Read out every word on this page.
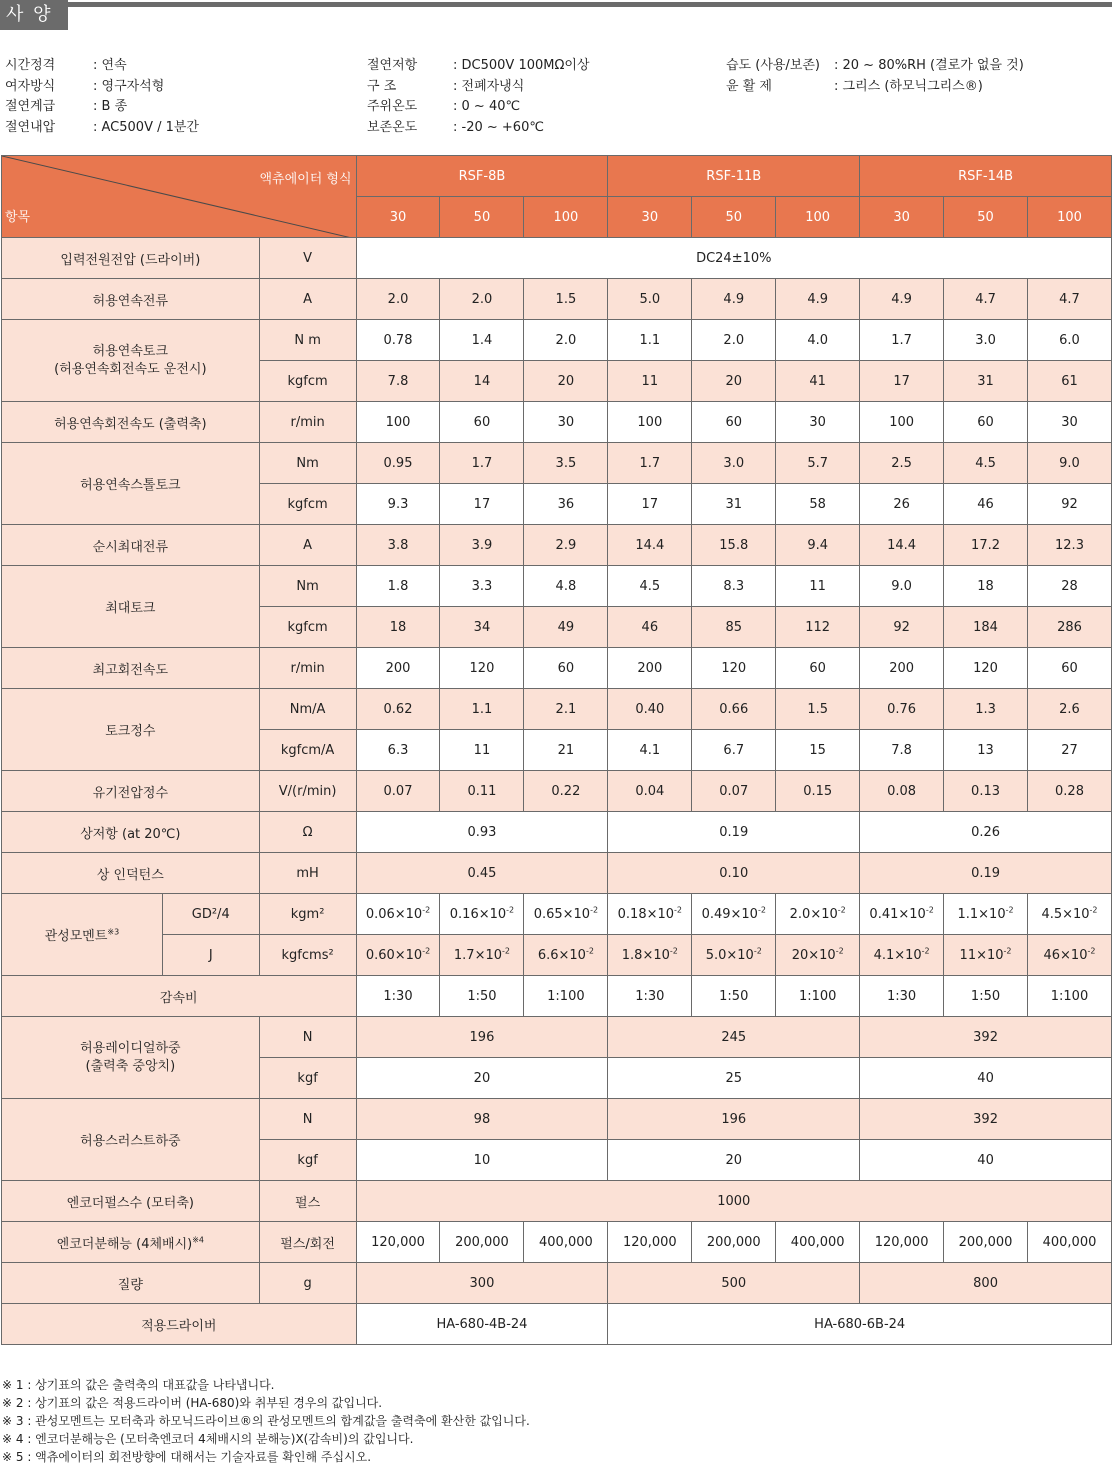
사 양
시간정격	: 연속
여자방식	: 영구자석형
절연계급	: B 종
절연내압	: AC500V / 1분간
절연저항	: DC500V 100MΩ이상
구 조	: 전폐자냉식
주위온도	: 0 ~ 40℃
보존온도	: -20 ~ +60℃
습도 (사용/보존)	: 20 ~ 80%RH (결로가 없을 것)
윤 활 제	: 그리스 (하모닉그리스®)
액츄에이터 형식
항목			RSF-8B			RSF-11B			RSF-14B		
			30	50	100	30	50	100	30	50	100
입력전원전압 (드라이버)		V	DC24±10%								
허용연속전류		A	2.0	2.0	1.5	5.0	4.9	4.9	4.9	4.7	4.7
허용연속토크
(허용연속회전속도 운전시)		N m	0.78	1.4	2.0	1.1	2.0	4.0	1.7	3.0	6.0
		kgfcm	7.8	14	20	11	20	41	17	31	61
허용연속회전속도 (출력축)		r/min	100	60	30	100	60	30	100	60	30
허용연속스톨토크		Nm	0.95	1.7	3.5	1.7	3.0	5.7	2.5	4.5	9.0
		kgfcm	9.3	17	36	17	31	58	26	46	92
순시최대전류		A	3.8	3.9	2.9	14.4	15.8	9.4	14.4	17.2	12.3
최대토크		Nm	1.8	3.3	4.8	4.5	8.3	11	9.0	18	28
		kgfcm	18	34	49	46	85	112	92	184	286
최고회전속도		r/min	200	120	60	200	120	60	200	120	60
토크정수		Nm/A	0.62	1.1	2.1	0.40	0.66	1.5	0.76	1.3	2.6
		kgfcm/A	6.3	11	21	4.1	6.7	15	7.8	13	27
유기전압정수		V/(r/min)	0.07	0.11	0.22	0.04	0.07	0.15	0.08	0.13	0.28
상저항 (at 20℃)		Ω	0.93			0.19			0.26		
상 인덕턴스		mH	0.45			0.10			0.19		
관성모멘트$^{※3}$	GD²/4	kgm²	$0.06\times 10^{-2}$	$0.16\times 10^{-2}$	$0.65\times 10^{-2}$	$0.18\times 10^{-2}$	$0.49\times 10^{-2}$	$2.0\times 10^{-2}$	$0.41\times 10^{-2}$	$1.1\times 10^{-2}$	$4.5\times 10^{-2}$
	J	kgfcms²	$0.60\times 10^{-2}$	$1.7\times 10^{-2}$	$6.6\times 10^{-2}$	$1.8\times 10^{-2}$	$5.0\times 10^{-2}$	$20\times 10^{-2}$	$4.1\times 10^{-2}$	$11\times 10^{-2}$	$46\times 10^{-2}$
감속비			1:30	1:50	1:100	1:30	1:50	1:100	1:30	1:50	1:100
허용레이디얼하중
(출력축 중앙치)		N	196			245			392		
		kgf	20			25			40		
허용스러스트하중		N	98			196			392		
		kgf	10			20			40		
엔코더펄스수 (모터축)		펄스	1000								
엔코더분해능 (4체배시)$^{※4}$		펄스/회전	120,000	200,000	400,000	120,000	200,000	400,000	120,000	200,000	400,000
질량		g	300			500			800		
적용드라이버			HA-680-4B-24			HA-680-6B-24					
※ 1 : 상기표의 값은 출력축의 대표값을 나타냅니다.
※ 2 : 상기표의 값은 적용드라이버 (HA-680)와 취부된 경우의 값입니다.
※ 3 : 관성모멘트는 모터축과 하모닉드라이브®의 관성모멘트의 합계값을 출력축에 환산한 값입니다.
※ 4 : 엔코더분해능은 (모터축엔코더 4체배시의 분해능)X(감속비)의 값입니다.
※ 5 : 액츄에이터의 회전방향에 대해서는 기술자료를 확인해 주십시오.
